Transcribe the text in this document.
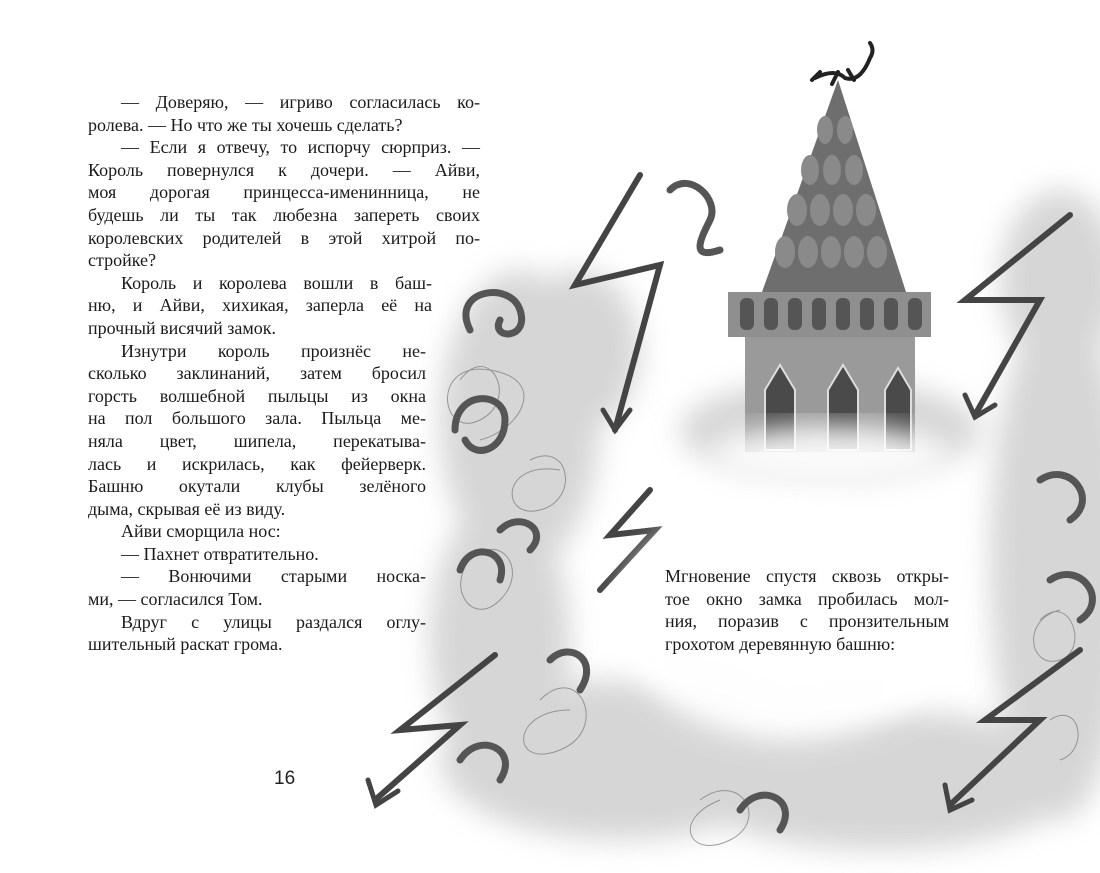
— Доверяю, — игриво согласилась ко-
ролева. — Но что же ты хочешь сделать?
— Если я отвечу, то испорчу сюрприз. —
Король повернулся к дочери. — Айви,
моя дорогая принцесса-именинница, не
будешь ли ты так любезна запереть своих
королевских родителей в этой хитрой по-
стройке?
Король и королева вошли в баш-
ню, и Айви, хихикая, заперла её на
прочный висячий замок.
Изнутри король произнёс не-
сколько заклинаний, затем бросил
горсть волшебной пыльцы из окна
на пол большого зала. Пыльца ме-
няла цвет, шипела, перекатыва-
лась и искрилась, как фейерверк.
Башню окутали клубы зелёного
дыма, скрывая её из виду.
Айви сморщила нос:
— Пахнет отвратительно.
— Вонючими старыми носка-
ми, — согласился Том.
Вдруг с улицы раздался оглу-
шительный раскат грома.
Мгновение спустя сквозь откры-
тое окно замка пробилась мол-
ния, поразив с пронзительным
грохотом деревянную башню:
16
